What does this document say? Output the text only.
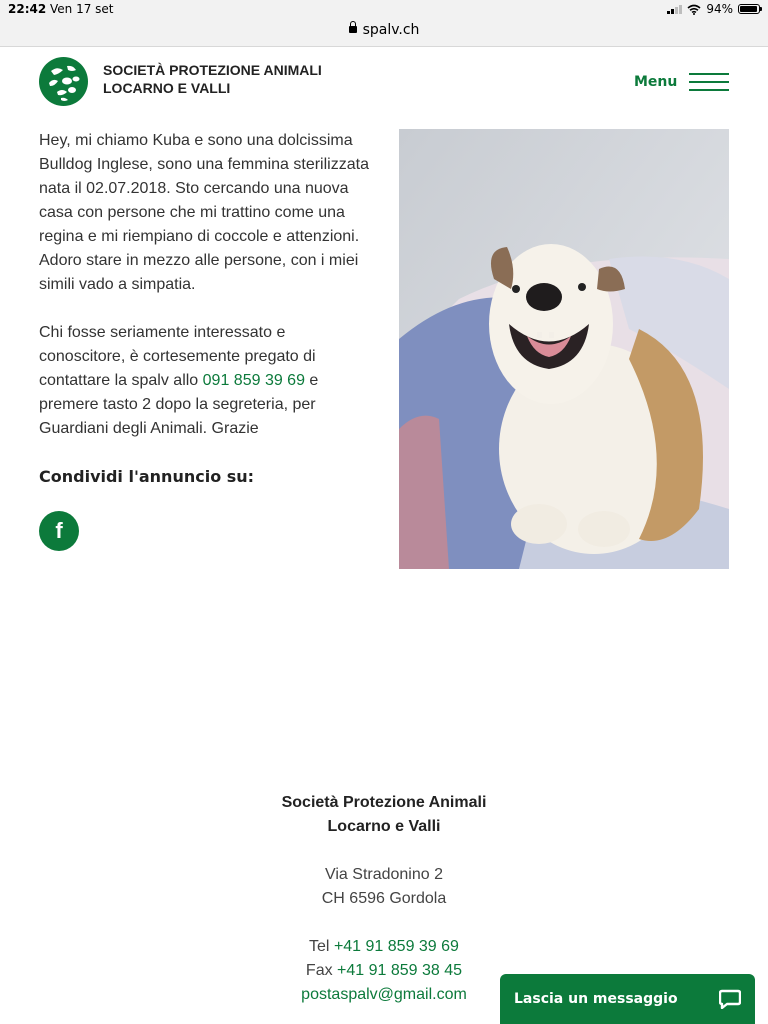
22:42 Ven 17 set	94%
spalv.ch
SOCIETÀ PROTEZIONE ANIMALI
LOCARNO E VALLI	Menu
Hey, mi chiamo Kuba e sono una dolcissima Bulldog Inglese, sono una femmina sterilizzata nata il 02.07.2018. Sto cercando una nuova casa con persone che mi trattino come una regina e mi riempiano di coccole e attenzioni. Adoro stare in mezzo alle persone, con i miei simili vado a simpatia.
Chi fosse seriamente interessato e conoscitore, è cortesemente pregato di contattare la spalv allo 091 859 39 69 e premere tasto 2 dopo la segreteria, per Guardiani degli Animali. Grazie
Condividi l'annuncio su:
f
Società Protezione Animali
Locarno e Valli
Via Stradonino 2
CH 6596 Gordola
Tel +41 91 859 39 69
Fax +41 91 859 38 45
postaspalv@gmail.com	Lascia un messaggio
